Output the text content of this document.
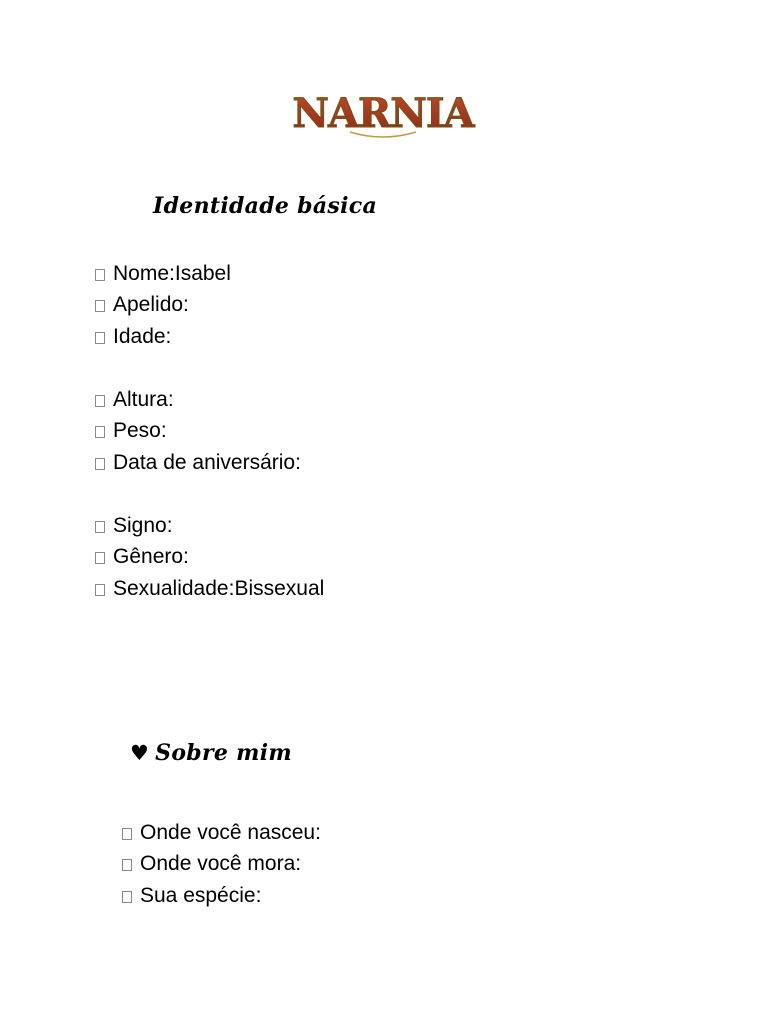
NARNIA
Identidade básica
Nome: Isabel
Apelido:
Idade:
Altura:
Peso:
Data de aniversário:
Signo:
Gênero:
Sexualidade: Bissexual
♥ Sobre mim
Onde você nasceu:
Onde você mora:
Sua espécie:
